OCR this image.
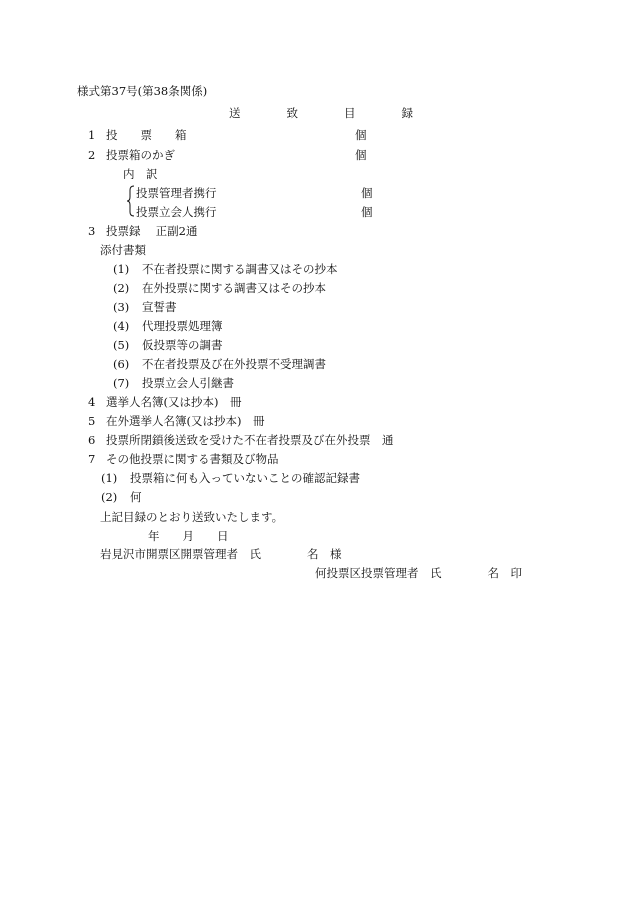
様式第37号(第38条関係)
送　　　　致　　　　目　　　　録
1 投　　票　　箱	個
2 投票箱のかぎ	個
内　訳
投票管理者携行	個
投票立会人携行	個
3 投票録　 正副2通
添付書類
(1) 不在者投票に関する調書又はその抄本
(2) 在外投票に関する調書又はその抄本
(3) 宣誓書
(4) 代理投票処理簿
(5) 仮投票等の調書
(6) 不在者投票及び在外投票不受理調書
(7) 投票立会人引継書
4 選挙人名簿(又は抄本)　冊
5 在外選挙人名簿(又は抄本)　冊
6 投票所閉鎖後送致を受けた不在者投票及び在外投票　通
7 その他投票に関する書類及び物品
(1) 投票箱に何も入っていないことの確認記録書
(2) 何
上記目録のとおり送致いたします。
年　　月　　日
岩見沢市開票区開票管理者　氏　　　　名　様
何投票区投票管理者　氏　　　　名　印
